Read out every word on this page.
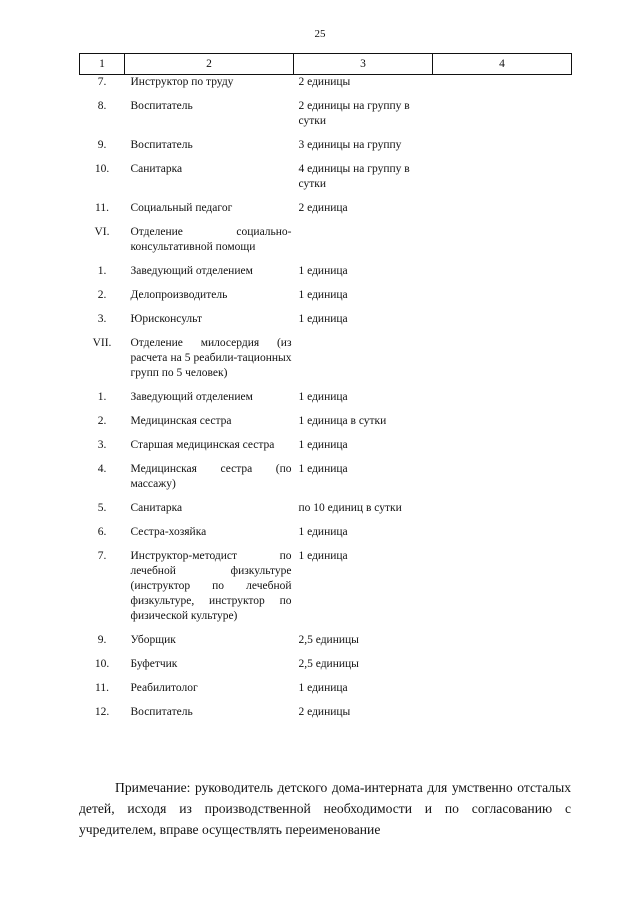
25
1	2	3	4
7.	Инструктор по труду	2 единицы	
8.	Воспитатель	2 единицы на группу в сутки	
9.	Воспитатель	3 единицы на группу	
10.	Санитарка	4 единицы на группу в сутки	
11.	Социальный педагог	2 единица	
VI.	Отделение социально-консультативной помощи		
1.	Заведующий отделением	1 единица	
2.	Делопроизводитель	1 единица	
3.	Юрисконсульт	1 единица	
VII.	Отделение милосердия (из расчета на 5 реабили-тационных групп по 5 человек)		
1.	Заведующий отделением	1 единица	
2.	Медицинская сестра	1 единица в сутки	
3.	Старшая медицинская сестра	1 единица	
4.	Медицинская сестра (по массажу)	1 единица	
5.	Санитарка	по 10 единиц в сутки	
6.	Сестра-хозяйка	1 единица	
7.	Инструктор-методист по лечебной физкультуре (инструктор по лечебной физкультуре, инструктор по физической культуре)	1 единица	
9.	Уборщик	2,5 единицы	
10.	Буфетчик	2,5 единицы	
11.	Реабилитолог	1 единица	
12.	Воспитатель	2 единицы	

Примечание: руководитель детского дома-интерната для умственно отсталых детей, исходя из производственной необходимости и по согласованию с учредителем, вправе осуществлять переименование
